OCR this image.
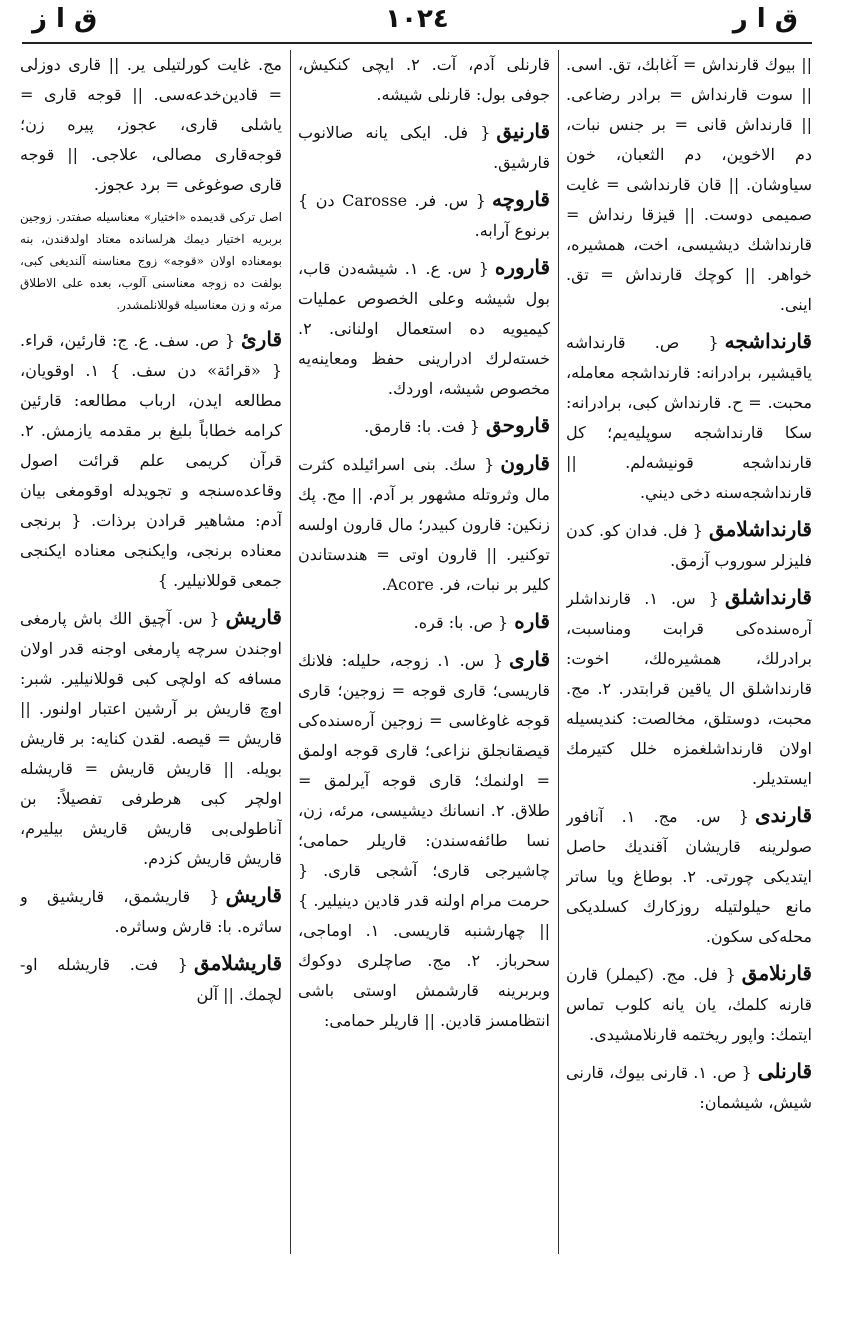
ق ا ز	١٠٢٤	ق ا ر
|| بيوك قارنداش = آغابك، تق. اسى. || سوت قارنداش = برادر رضاعى. || قارنداش قانى = بر جنس نبات، دم الاخوين، دم الثعبان، خون سياوشان. || قان قارنداشى = غايت صميمى دوست. || قيزقا رنداش = قارنداشك ديشيسى، اخت، همشيره، خواهر. || كوچك قارنداش = تق. اينى.
قارنداشجه{ ص. قارنداشه ياقيشير، برادرانه: قارنداشجه معامله، محبت. = ح. قارنداش كبى، برادرانه: سكا قارنداشجه سوپليه‌يم؛ كل قارنداشجه قونيشه‌لم. || قارنداشجه‌سنه دخى ديني.
قارنداشلامق{ فل. فدان كو. كدن فليزلر سوروب آزمق.
قارنداشلق{ س. ١. قارنداشلر آره‌سنده‌كى قرابت ومناسبت، برادرلك، همشيره‌لك، اخوت: قارنداشلق ال ياقين قرابتدر. ٢. مج. محبت، دوستلق، مخالصت: كنديسيله اولان قارنداشلغمزه خلل كتيرمك ايستديلر.
قارندى{ س. مج. ١. آنافور صولرينه قاريشان آقنديك حاصل ايتديكى چورتى. ٢. بوطاغ ويا ساتر مانع حيلولتيله روزكارك كسلديكى محله‌كى سكون.
قارنلامق{ فل. مج. (كيملر) قارن قارنه كلمك، يان يانه كلوب تماس ايتمك: واپور ريختمه قارنلامشيدى.
قارنلى{ ص. ١. قارنى بيوك، قارنى شيش، شيشمان:
قارنلى آدم، آت. ٢. ايچى كنكيش، جوفى بول: قارنلى شيشه.
قارنيق{ فل. ايكى يانه صالانوب قارشيق.
قاروچه{ س. فر. Carosse دن } برنوع آرابه.
قاروره{ س. ع. ١. شيشه‌دن قاب، بول شيشه وعلى الخصوص عمليات كيميويه ده استعمال اولنانى. ٢. خسته‌لرك ادرارينى حفظ ومعاينه‌يه مخصوص شيشه، اوردك.
قاروحق{ فت. با: قارمق.
قارون{ سك. بنى اسرائيلده كثرت مال وثروتله مشهور بر آدم. || مج. پك زنكين: قارون كبيدر؛ مال قارون اولسه توكنير. || قارون اوتى = هندستاندن كلير بر نبات، فر. Acore.
قاره{ ص. با: قره.
قارى{ س. ١. زوجه، حليله: فلانك قاريسى؛ قارى قوجه = زوجين؛ قارى قوجه غاوغاسى = زوجين آره‌سنده‌كى قيصقانجلق نزاعى؛ قارى قوجه اولمق = اولنمك؛ قارى قوجه آيرلمق = طلاق. ٢. انسانك ديشيسى، مرئه، زن، نسا طائفه‌سندن: قاريلر حمامى؛ چاشيرجى قارى؛ آشجى قارى. { حرمت مرام اولنه قدر قادين دينيلير. } || چهارشنبه قاريسى. ١. اوماجى، سحرباز. ٢. مج. صاچلرى دوكوك وبربرينه قارشمش اوستى باشى انتظامسز قادين. || قاريلر حمامى:
مج. غايت كورلتيلى ير. || قارى دوزلى = قادين‌خدعه‌سى. || قوجه قارى = ياشلى قارى، عجوز، پيره زن؛ قوجه‌قارى مصالى، علاجى. || قوجه قارى صوغوغى = برد عجوز.
اصل تركى قديمده «اختيار» معناسيله صفتدر. زوجين بربريه اختيار ديمك هرلسانده معتاد اولدقندن، بنه بومعناده اولان «قوجه» زوج معناسنه آلنديغى كبى، بولفت ده زوجه معناسنى آلوب، بعده على الاطلاق مرئه و زن معناسيله قوللانلمشدر.
قارئ{ ص. سف. ع. ج: قارئين، قراء. { «قرائة» دن سف. } ١. اوقويان، مطالعه ايدن، ارباب مطالعه: قارئين كرامه خطاباً بليغ بر مقدمه يازمش. ٢. قرآن كريمى علم قرائت اصول وقاعده‌سنجه و تجويدله اوقومغى بيان آدم: مشاهير قرادن برذات. { برنجى معناده برنجى، وايكنجى معناده ايكنجى جمعى قوللانيلير. }
قاريش{ س. آچيق الك باش پارمغى اوجندن سرچه پارمغى اوجنه قدر اولان مسافه كه اولچى كبى قوللانيلير. شبر: اوچ قاريش بر آرشين اعتبار اولنور. || قاريش = قيصه. لقدن كنايه: بر قاريش بويله. || قاريش قاريش = قاريشله اولچر كبى هرطرفى تفصيلاً: بن آناطولى‌بى قاريش قاريش بيليرم، قاريش قاريش كزدم.
قاريش{ قاريشمق، قاريشيق و ساثره. با: قارش وساثره.
قاريشلامق{ فت. قاريشله او- لچمك. || آلن
